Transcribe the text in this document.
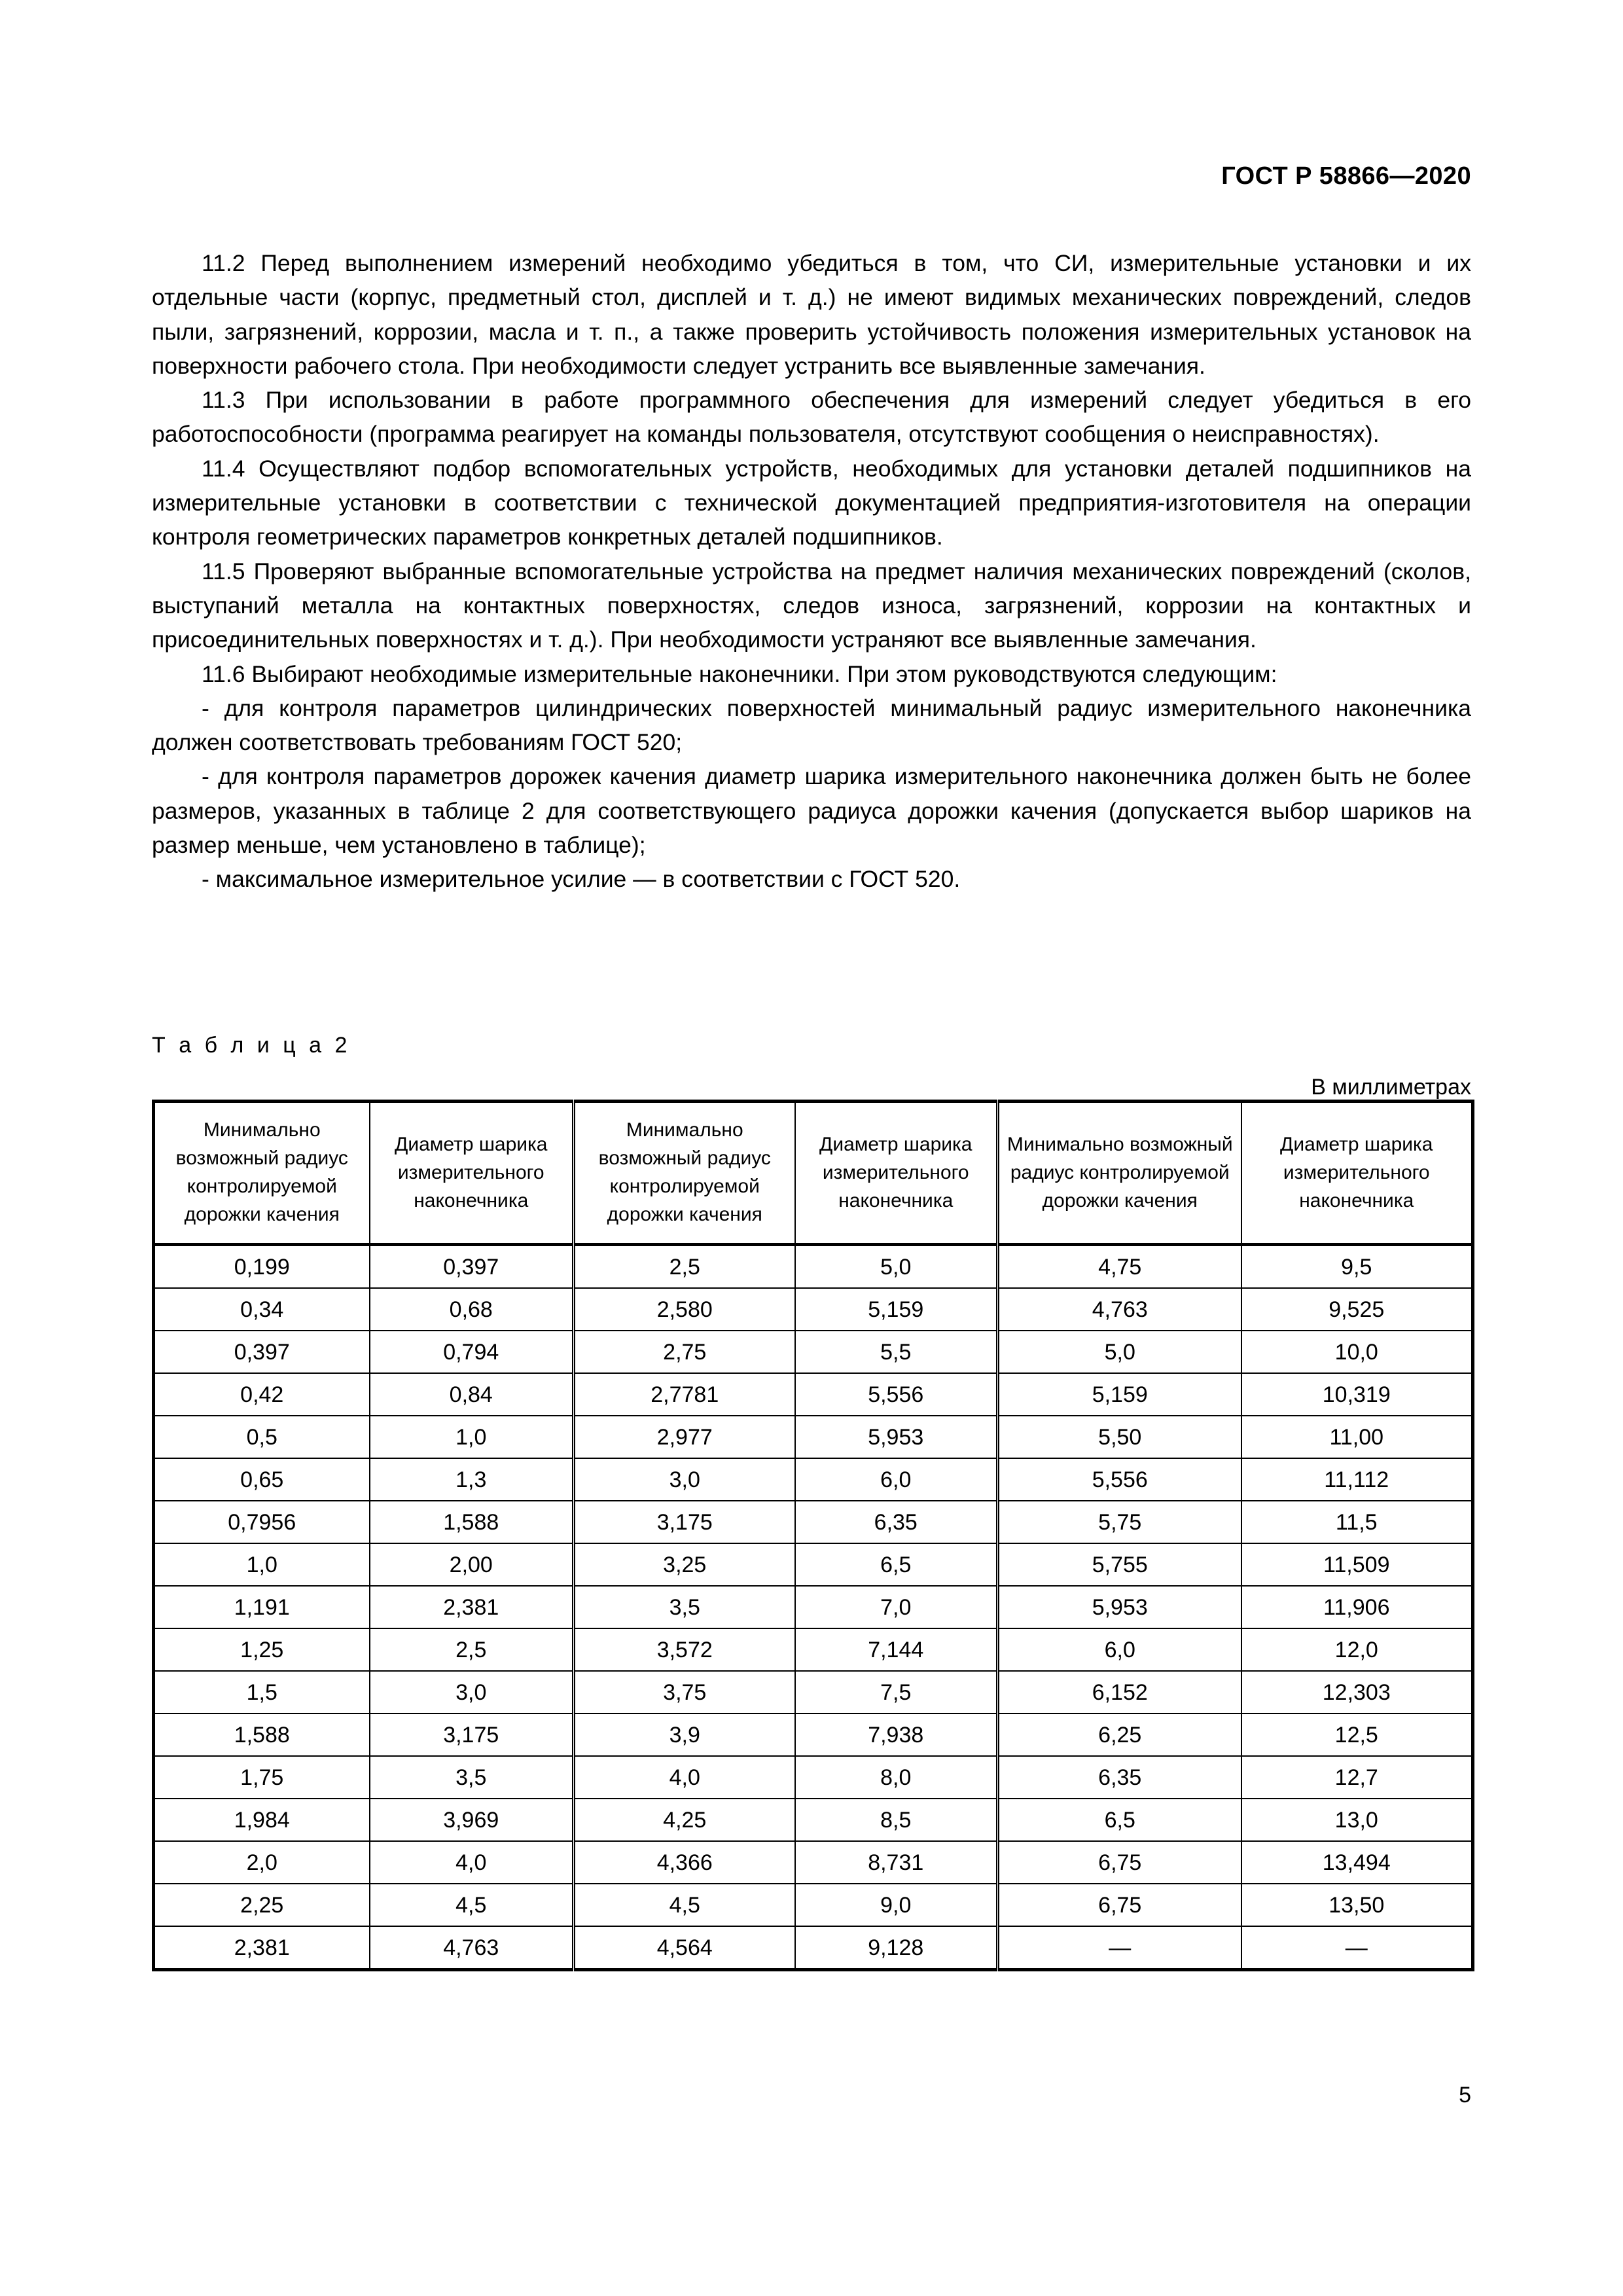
ГОСТ Р 58866—2020

11.2 Перед выполнением измерений необходимо убедиться в том, что СИ, измерительные установки и их отдельные части (корпус, предметный стол, дисплей и т. д.) не имеют видимых механических повреждений, следов пыли, загрязнений, коррозии, масла и т. п., а также проверить устойчивость положения измерительных установок на поверхности рабочего стола. При необходимости следует устранить все выявленные замечания.

11.3 При использовании в работе программного обеспечения для измерений следует убедиться в его работоспособности (программа реагирует на команды пользователя, отсутствуют сообщения о неисправностях).

11.4 Осуществляют подбор вспомогательных устройств, необходимых для установки деталей подшипников на измерительные установки в соответствии с технической документацией предприятия-изготовителя на операции контроля геометрических параметров конкретных деталей подшипников.

11.5 Проверяют выбранные вспомогательные устройства на предмет наличия механических повреждений (сколов, выступаний металла на контактных поверхностях, следов износа, загрязнений, коррозии на контактных и присоединительных поверхностях и т. д.). При необходимости устраняют все выявленные замечания.

11.6 Выбирают необходимые измерительные наконечники. При этом руководствуются следующим:

- для контроля параметров цилиндрических поверхностей минимальный радиус измерительного наконечника должен соответствовать требованиям ГОСТ 520;

- для контроля параметров дорожек качения диаметр шарика измерительного наконечника должен быть не более размеров, указанных в таблице 2 для соответствующего радиуса дорожки качения (допускается выбор шариков на размер меньше, чем установлено в таблице);

- максимальное измерительное усилие — в соответствии с ГОСТ 520.

Т а б л и ц а 2
В миллиметрах
Минимально возможный радиус контролируемой дорожки качения	Диаметр шарика измерительного наконечника	Минимально возможный радиус контролируемой дорожки качения	Диаметр шарика измерительного наконечника	Минимально возможный радиус контролируемой дорожки качения	Диаметр шарика измерительного наконечника
0,199	0,397	2,5	5,0	4,75	9,5
0,34	0,68	2,580	5,159	4,763	9,525
0,397	0,794	2,75	5,5	5,0	10,0
0,42	0,84	2,7781	5,556	5,159	10,319
0,5	1,0	2,977	5,953	5,50	11,00
0,65	1,3	3,0	6,0	5,556	11,112
0,7956	1,588	3,175	6,35	5,75	11,5
1,0	2,00	3,25	6,5	5,755	11,509
1,191	2,381	3,5	7,0	5,953	11,906
1,25	2,5	3,572	7,144	6,0	12,0
1,5	3,0	3,75	7,5	6,152	12,303
1,588	3,175	3,9	7,938	6,25	12,5
1,75	3,5	4,0	8,0	6,35	12,7
1,984	3,969	4,25	8,5	6,5	13,0
2,0	4,0	4,366	8,731	6,75	13,494
2,25	4,5	4,5	9,0	6,75	13,50
2,381	4,763	4,564	9,128	—	—
5
